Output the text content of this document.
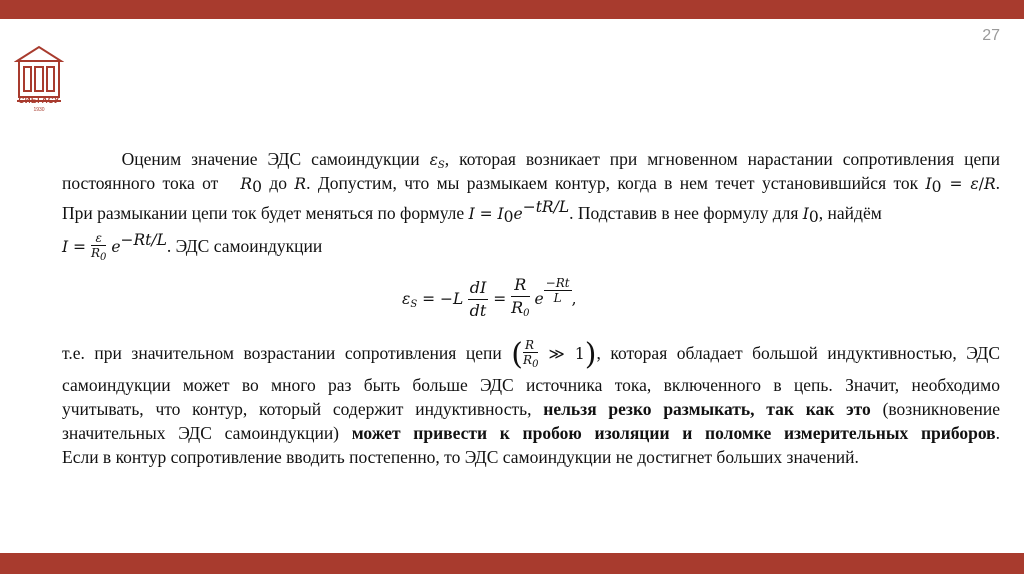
27
СИБГАСУ
1930
Оценим значение ЭДС самоиндукции $\varepsilon_S$, которая возникает при мгновенном нарастании сопротивления цепи
постоянного тока от   $R_0$ до R. Допустим, что мы размыкаем контур, когда в нем течет установившийся ток $I_0 = \varepsilon/R$.
При размыкании цепи ток будет меняться по формуле $I = I_0e^{-tR/L}$. Подставив в нее формулу для $I_0$, найдём
$I = \frac{\varepsilon}{R_0} e^{-Rt/L}$. ЭДС самоиндукции
$\varepsilon_S = -L \frac{dI}{dt} = \frac{R}{R_0}$ e $^{\frac{-Rt}{L}}$ ,
т.е. при значительном возрастании сопротивления цепи ( $\frac{R}{R_0}$ ≫ 1), которая обладает большой индуктивностью, ЭДС
самоиндукции может во много раз быть больше ЭДС источника тока, включенного в цепь. Значит, необходимо
учитывать, что контур, который содержит индуктивность, нельзя резко размыкать, так как это (возникновение
значительных ЭДС самоиндукции) может привести к пробою изоляции и поломке измерительных приборов.
Если в контур сопротивление вводить постепенно, то ЭДС самоиндукции не достигнет больших значений.
